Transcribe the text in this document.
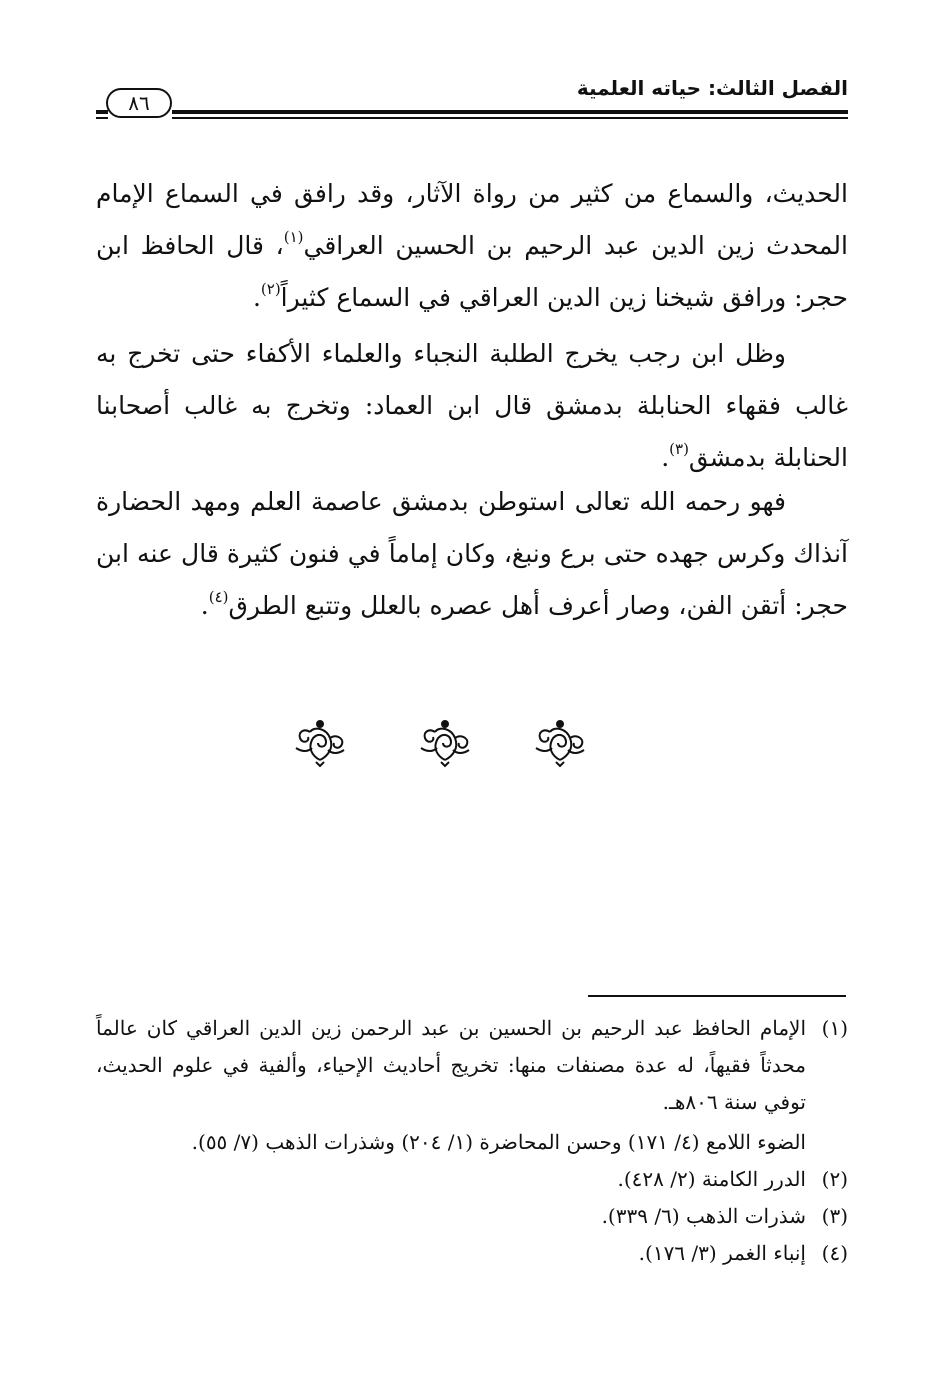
الفصل الثالث: حياته العلمية
٨٦

الحديث، والسماع من كثير من رواة الآثار، وقد رافق في السماع الإمام المحدث زين الدين عبد الرحيم بن الحسين العراقي$^{(١)}$، قال الحافظ ابن حجر: ورافق شيخنا زين الدين العراقي في السماع كثيراً$^{(٢)}$.

وظل ابن رجب يخرج الطلبة النجباء والعلماء الأكفاء حتى تخرج به غالب فقهاء الحنابلة بدمشق قال ابن العماد: وتخرج به غالب أصحابنا الحنابلة بدمشق$^{(٣)}$.

فهو رحمه الله تعالى استوطن بدمشق عاصمة العلم ومهد الحضارة آنذاك وكرس جهده حتى برع ونبغ، وكان إماماً في فنون كثيرة قال عنه ابن حجر: أتقن الفن، وصار أعرف أهل عصره بالعلل وتتبع الطرق$^{(٤)}$.

(١)
الإمام الحافظ عبد الرحيم بن الحسين بن عبد الرحمن زين الدين العراقي كان عالماً محدثاً فقيهاً، له عدة مصنفات منها: تخريج أحاديث الإحياء، وألفية في علوم الحديث، توفي سنة ٨٠٦هـ.
الضوء اللامع (٤/ ١٧١) وحسن المحاضرة (١/ ٢٠٤) وشذرات الذهب (٧/ ٥٥).
(٢)
الدرر الكامنة (٢/ ٤٢٨).
(٣)
شذرات الذهب (٦/ ٣٣٩).
(٤)
إنباء الغمر (٣/ ١٧٦).
